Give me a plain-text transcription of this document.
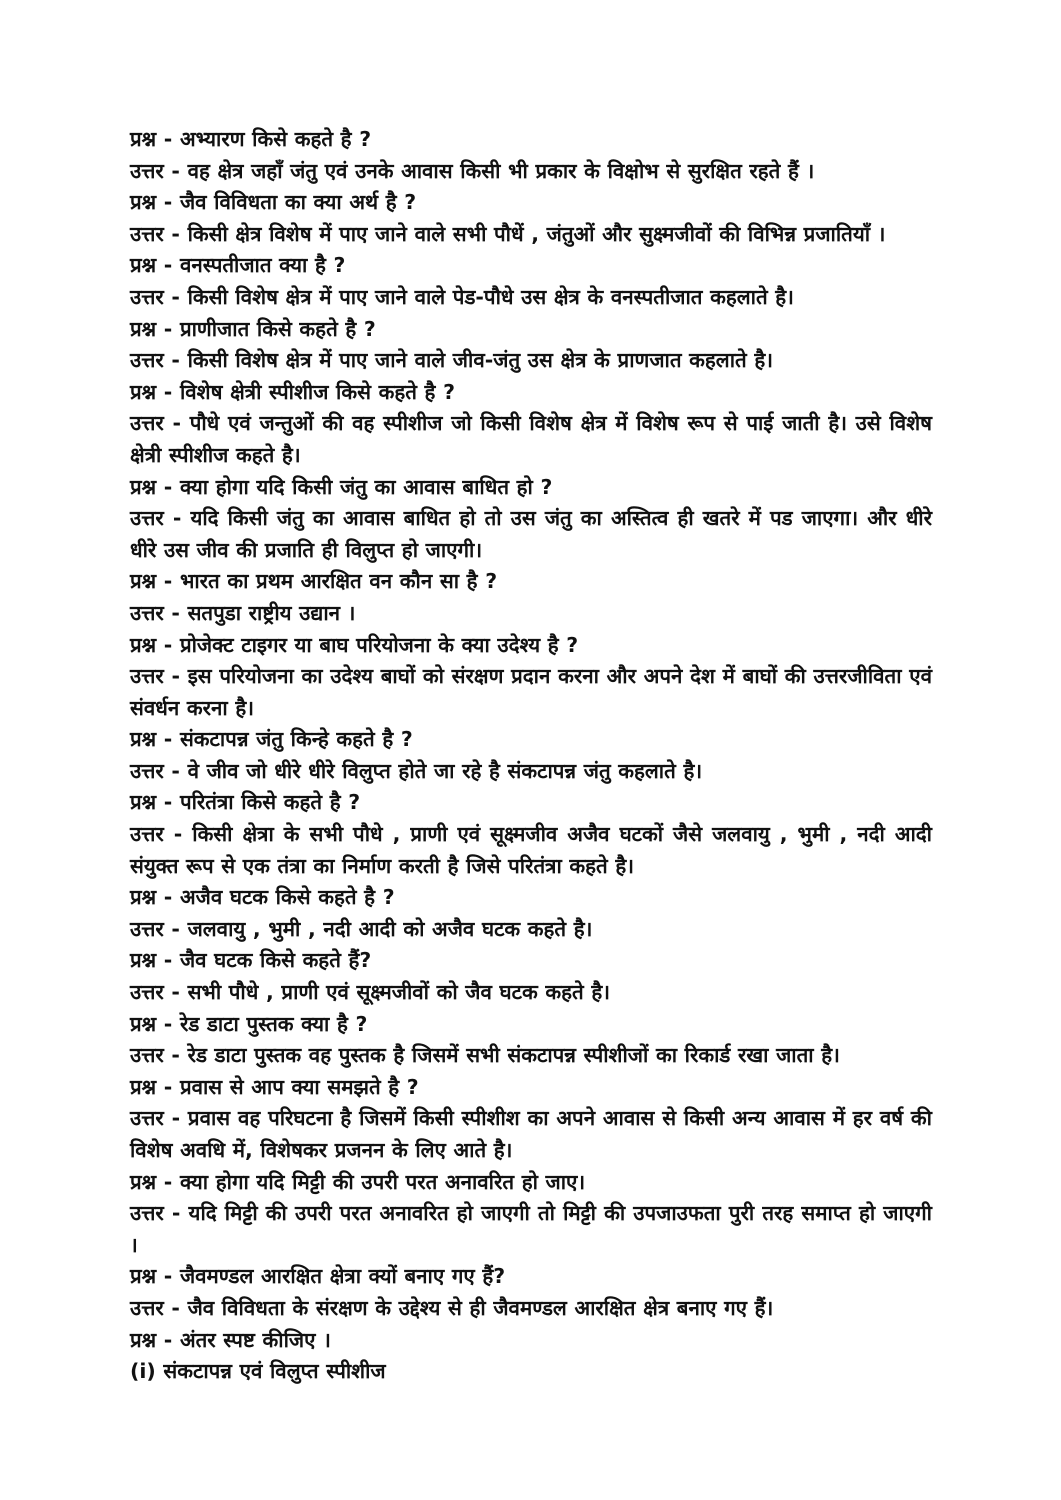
प्रश्न - अभ्यारण किसे कहते है ?

उत्तर - वह क्षेत्र जहाँ जंतु एवं उनके आवास किसी भी प्रकार के विक्षोभ से सुरक्षित रहते हैं ।

प्रश्न - जैव विविधता का क्या अर्थ है ?

उत्तर - किसी क्षेत्र विशेष में पाए जाने वाले सभी पौधें , जंतुओं और सुक्ष्मजीवों की विभिन्न प्रजातियाँ ।

प्रश्न - वनस्पतीजात क्या है ?

उत्तर - किसी विशेष क्षेत्र में पाए जाने वाले पेड-पौधे उस क्षेत्र के वनस्पतीजात कहलाते है।

प्रश्न - प्राणीजात किसे कहते है ?

उत्तर - किसी विशेष क्षेत्र में पाए जाने वाले जीव-जंतु उस क्षेत्र के प्राणजात कहलाते है।

प्रश्न - विशेष क्षेत्री स्पीशीज किसे कहते है ?

उत्तर - पौधे एवं जन्तुओं की वह स्पीशीज जो किसी विशेष क्षेत्र में विशेष रूप से पाई जाती है। उसे विशेष क्षेत्री स्पीशीज कहते है।

प्रश्न - क्या होगा यदि किसी जंतु का आवास बाधित हो ?

उत्तर - यदि किसी जंतु का आवास बाधित हो तो उस जंतु का अस्तित्व ही खतरे में पड जाएगा। और धीरे धीरे उस जीव की प्रजाति ही विलुप्त हो जाएगी।

प्रश्न - भारत का प्रथम आरक्षित वन कौन सा है ?

उत्तर - सतपुडा राष्ट्रीय उद्यान ।

प्रश्न - प्रोजेक्ट टाइगर या बाघ परियोजना के क्या उदेश्य है ?

उत्तर - इस परियोजना का उदेश्य बाघों को संरक्षण प्रदान करना और अपने देश में बाघों की उत्तरजीविता एवं संवर्धन करना है।

प्रश्न - संकटापन्न जंतु किन्हे कहते है ?

उत्तर - वे जीव जो धीरे धीरे विलुप्त होते जा रहे है संकटापन्न जंतु कहलाते है।

प्रश्न - परितंत्रा किसे कहते है ?

उत्तर - किसी क्षेत्रा के सभी पौधे , प्राणी एवं सूक्ष्मजीव अजैव घटकों जैसे जलवायु , भुमी , नदी आदी संयुक्त रूप से एक तंत्रा का निर्माण करती है जिसे परितंत्रा कहते है।

प्रश्न - अजैव घटक किसे कहते है ?

उत्तर - जलवायु , भुमी , नदी आदी को अजैव घटक कहते है।

प्रश्न - जैव घटक किसे कहते हैं?

उत्तर - सभी पौधे , प्राणी एवं सूक्ष्मजीवों को जैव घटक कहते है।

प्रश्न - रेड डाटा पुस्तक क्या है ?

उत्तर - रेड डाटा पुस्तक वह पुस्तक है जिसमें सभी संकटापन्न स्पीशीजों का रिकार्ड रखा जाता है।

प्रश्न - प्रवास से आप क्या समझते है ?

उत्तर - प्रवास वह परिघटना है जिसमें किसी स्पीशीश का अपने आवास से किसी अन्य आवास में हर वर्ष की विशेष अवधि में, विशेषकर प्रजनन के लिए आते है।

प्रश्न - क्या होगा यदि मिट्टी की उपरी परत अनावरित हो जाए।

उत्तर - यदि मिट्टी की उपरी परत अनावरित हो जाएगी तो मिट्टी की उपजाउफता पुरी तरह समाप्त हो जाएगी ।

प्रश्न - जैवमण्डल आरक्षित क्षेत्रा क्यों बनाए गए हैं?

उत्तर - जैव विविधता के संरक्षण के उद्देश्य से ही जैवमण्डल आरक्षित क्षेत्र बनाए गए हैं।

प्रश्न - अंतर स्पष्ट कीजिए ।

(i) संकटापन्न एवं विलुप्त स्पीशीज
